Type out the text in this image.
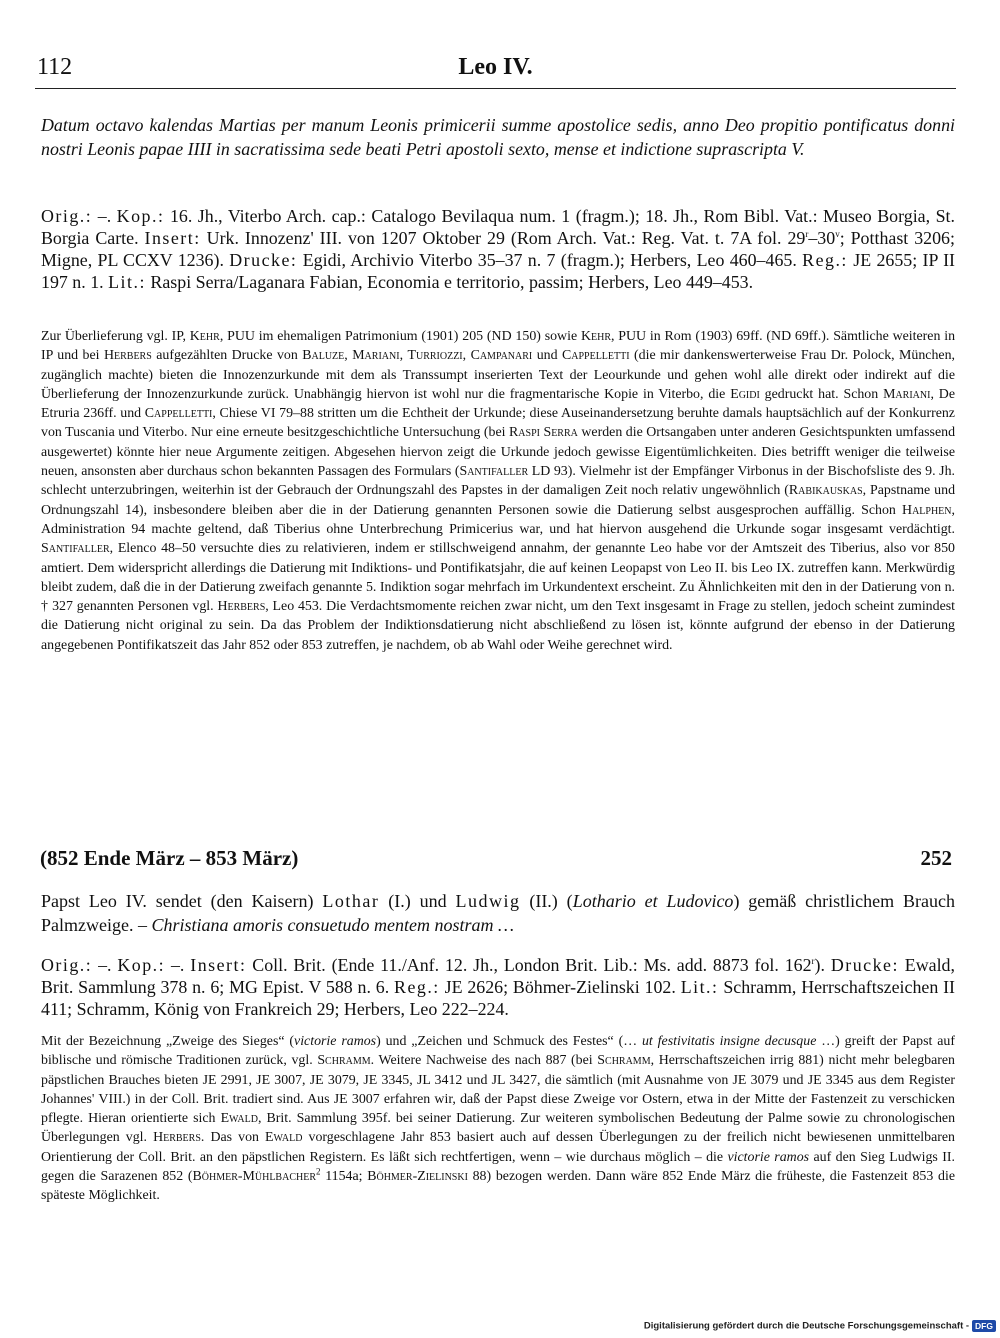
112	Leo IV.
Datum octavo kalendas Martias per manum Leonis primicerii summe apostolice sedis, anno Deo propitio pontificatus donni nostri Leonis papae IIII in sacratissima sede beati Petri apostoli sexto, mense et indictione suprascripta V.
Orig.: –. Kop.: 16. Jh., Viterbo Arch. cap.: Catalogo Bevilaqua num. 1 (fragm.); 18. Jh., Rom Bibl. Vat.: Museo Borgia, St. Borgia Carte. Insert: Urk. Innozenz' III. von 1207 Oktober 29 (Rom Arch. Vat.: Reg. Vat. t. 7A fol. 29$^r$–30$^v$; Potthast 3206; Migne, PL CCXV 1236). Drucke: Egidi, Archivio Viterbo 35–37 n. 7 (fragm.); Herbers, Leo 460–465. Reg.: JE 2655; IP II 197 n. 1. Lit.: Raspi Serra/Laganara Fabian, Economia e territorio, passim; Herbers, Leo 449–453.
Zur Überlieferung vgl. IP, Kehr, PUU im ehemaligen Patrimonium (1901) 205 (ND 150) sowie Kehr, PUU in Rom (1903) 69ff. (ND 69ff.). Sämtliche weiteren in IP und bei Herbers aufgezählten Drucke von Baluze, Mariani, Turriozzi, Campanari und Cappelletti (die mir dankenswerterweise Frau Dr. Polock, München, zugänglich machte) bieten die Innozenzurkunde mit dem als Transsumpt inserierten Text der Leourkunde und gehen wohl alle direkt oder indirekt auf die Überlieferung der Innozenzurkunde zurück. Unabhängig hiervon ist wohl nur die fragmentarische Kopie in Viterbo, die Egidi gedruckt hat. Schon Mariani, De Etruria 236ff. und Cappelletti, Chiese VI 79–88 stritten um die Echtheit der Urkunde; diese Auseinandersetzung beruhte damals hauptsächlich auf der Konkurrenz von Tuscania und Viterbo. Nur eine erneute besitzgeschichtliche Untersuchung (bei Raspi Serra werden die Ortsangaben unter anderen Gesichtspunkten umfassend ausgewertet) könnte hier neue Argumente zeitigen. Abgesehen hiervon zeigt die Urkunde jedoch gewisse Eigentümlichkeiten. Dies betrifft weniger die teilweise neuen, ansonsten aber durchaus schon bekannten Passagen des Formulars (Santifaller LD 93). Vielmehr ist der Empfänger Virbonus in der Bischofsliste des 9. Jh. schlecht unterzubringen, weiterhin ist der Gebrauch der Ordnungszahl des Papstes in der damaligen Zeit noch relativ ungewöhnlich (Rabikauskas, Papstname und Ordnungszahl 14), insbesondere bleiben aber die in der Datierung genannten Personen sowie die Datierung selbst ausgesprochen auffällig. Schon Halphen, Administration 94 machte geltend, daß Tiberius ohne Unterbrechung Primicerius war, und hat hiervon ausgehend die Urkunde sogar insgesamt verdächtigt. Santifaller, Elenco 48–50 versuchte dies zu relativieren, indem er stillschweigend annahm, der genannte Leo habe vor der Amtszeit des Tiberius, also vor 850 amtiert. Dem widerspricht allerdings die Datierung mit Indiktions- und Pontifikatsjahr, die auf keinen Leopapst von Leo II. bis Leo IX. zutreffen kann. Merkwürdig bleibt zudem, daß die in der Datierung zweifach genannte 5. Indiktion sogar mehrfach im Urkundentext erscheint. Zu Ähnlichkeiten mit den in der Datierung von n. † 327 genannten Personen vgl. Herbers, Leo 453. Die Verdachtsmomente reichen zwar nicht, um den Text insgesamt in Frage zu stellen, jedoch scheint zumindest die Datierung nicht original zu sein. Da das Problem der Indiktionsdatierung nicht abschließend zu lösen ist, könnte aufgrund der ebenso in der Datierung angegebenen Pontifikatszeit das Jahr 852 oder 853 zutreffen, je nachdem, ob ab Wahl oder Weihe gerechnet wird.
(852 Ende März – 853 März)	252
Papst Leo IV. sendet (den Kaisern) Lothar (I.) und Ludwig (II.) (Lothario et Ludovico) gemäß christlichem Brauch Palmzweige. – Christiana amoris consuetudo mentem nostram …
Orig.: –. Kop.: –. Insert: Coll. Brit. (Ende 11./Anf. 12. Jh., London Brit. Lib.: Ms. add. 8873 fol. 162$^r$). Drucke: Ewald, Brit. Sammlung 378 n. 6; MG Epist. V 588 n. 6. Reg.: JE 2626; Böhmer-Zielinski 102. Lit.: Schramm, Herrschaftszeichen II 411; Schramm, König von Frankreich 29; Herbers, Leo 222–224.
Mit der Bezeichnung „Zweige des Sieges“ (victorie ramos) und „Zeichen und Schmuck des Festes“ (… ut festivitatis insigne decusque …) greift der Papst auf biblische und römische Traditionen zurück, vgl. Schramm. Weitere Nachweise des nach 887 (bei Schramm, Herrschaftszeichen irrig 881) nicht mehr belegbaren päpstlichen Brauches bieten JE 2991, JE 3007, JE 3079, JE 3345, JL 3412 und JL 3427, die sämtlich (mit Ausnahme von JE 3079 und JE 3345 aus dem Register Johannes' VIII.) in der Coll. Brit. tradiert sind. Aus JE 3007 erfahren wir, daß der Papst diese Zweige vor Ostern, etwa in der Mitte der Fastenzeit zu verschicken pflegte. Hieran orientierte sich Ewald, Brit. Sammlung 395f. bei seiner Datierung. Zur weiteren symbolischen Bedeutung der Palme sowie zu chronologischen Überlegungen vgl. Herbers. Das von Ewald vorgeschlagene Jahr 853 basiert auch auf dessen Überlegungen zu der freilich nicht bewiesenen unmittelbaren Orientierung der Coll. Brit. an den päpstlichen Registern. Es läßt sich rechtfertigen, wenn – wie durchaus möglich – die victorie ramos auf den Sieg Ludwigs II. gegen die Sarazenen 852 (Böhmer-Mühlbacher$^2$ 1154a; Böhmer-Zielinski 88) bezogen werden. Dann wäre 852 Ende März die früheste, die Fastenzeit 853 die späteste Möglichkeit.
Digitalisierung gefördert durch die Deutsche Forschungsgemeinschaft - DFG
